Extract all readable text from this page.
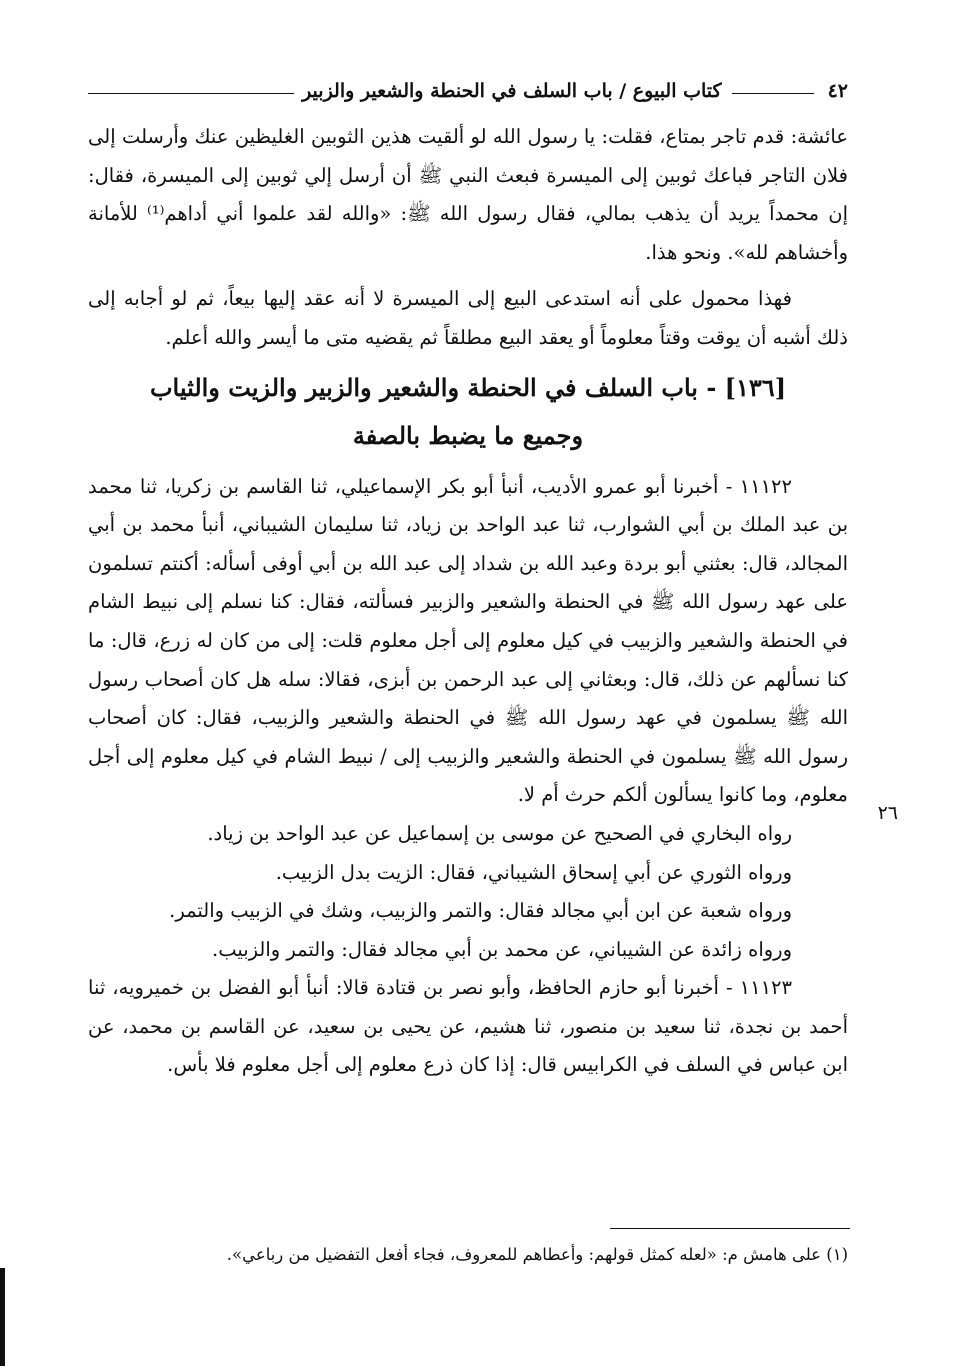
٤٢
كتاب البيوع / باب السلف في الحنطة والشعير والزبير

عائشة: قدم تاجر بمتاع، فقلت: يا رسول الله لو ألقيت هذين الثوبين الغليظين عنك وأرسلت إلى فلان التاجر فباعك ثوبين إلى الميسرة فبعث النبي ﷺ أن أرسل إلي ثوبين إلى الميسرة، فقال: إن محمداً يريد أن يذهب بمالي، فقال رسول الله ﷺ: «والله لقد علموا أني أداهم⁽¹⁾ للأمانة وأخشاهم لله». ونحو هذا.

فهذا محمول على أنه استدعى البيع إلى الميسرة لا أنه عقد إليها بيعاً، ثم لو أجابه إلى ذلك أشبه أن يوقت وقتاً معلوماً أو يعقد البيع مطلقاً ثم يقضيه متى ما أيسر والله أعلم.

[١٣٦] - باب السلف في الحنطة والشعير والزبير والزيت والثياب
وجميع ما يضبط بالصفة

١١١٢٢ - أخبرنا أبو عمرو الأديب، أنبأ أبو بكر الإسماعيلي، ثنا القاسم بن زكريا، ثنا محمد بن عبد الملك بن أبي الشوارب، ثنا عبد الواحد بن زياد، ثنا سليمان الشيباني، أنبأ محمد بن أبي المجالد، قال: بعثني أبو بردة وعبد الله بن شداد إلى عبد الله بن أبي أوفى أسأله: أكنتم تسلمون على عهد رسول الله ﷺ في الحنطة والشعير والزبير فسألته، فقال: كنا نسلم إلى نبيط الشام في الحنطة والشعير والزبيب في كيل معلوم إلى أجل معلوم قلت: إلى من كان له زرع، قال: ما كنا نسألهم عن ذلك، قال: وبعثاني إلى عبد الرحمن بن أبزى، فقالا: سله هل كان أصحاب رسول الله ﷺ يسلمون في عهد رسول الله ﷺ في الحنطة والشعير والزبيب، فقال: كان أصحاب رسول الله ﷺ يسلمون في الحنطة والشعير والزبيب إلى / نبيط الشام في كيل معلوم إلى أجل معلوم، وما كانوا يسألون ألكم حرث أم لا.

رواه البخاري في الصحيح عن موسى بن إسماعيل عن عبد الواحد بن زياد.

ورواه الثوري عن أبي إسحاق الشيباني، فقال: الزيت بدل الزبيب.

ورواه شعبة عن ابن أبي مجالد فقال: والتمر والزبيب، وشك في الزبيب والتمر.

ورواه زائدة عن الشيباني، عن محمد بن أبي مجالد فقال: والتمر والزبيب.

١١١٢٣ - أخبرنا أبو حازم الحافظ، وأبو نصر بن قتادة قالا: أنبأ أبو الفضل بن خميرويه، ثنا أحمد بن نجدة، ثنا سعيد بن منصور، ثنا هشيم، عن يحيى بن سعيد، عن القاسم بن محمد، عن ابن عباس في السلف في الكرابيس قال: إذا كان ذرع معلوم إلى أجل معلوم فلا بأس.

٢٦
(١) على هامش م: «لعله كمثل قولهم: وأعطاهم للمعروف، فجاء أفعل التفضيل من رباعي».
